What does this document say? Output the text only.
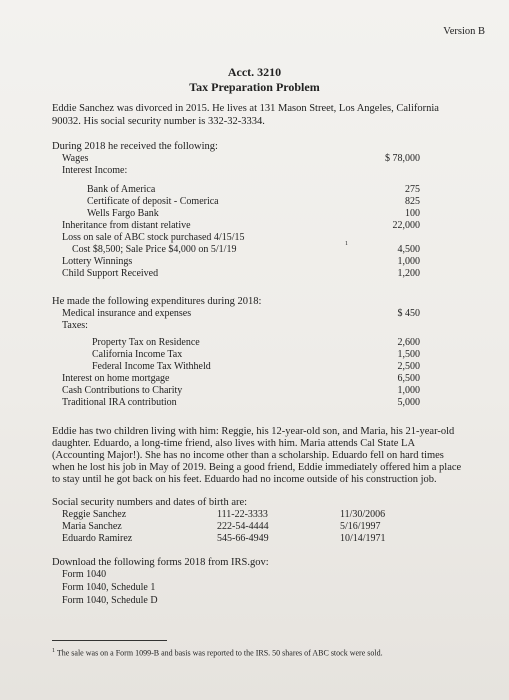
Version B
Acct. 3210
Tax Preparation Problem
Eddie Sanchez was divorced in 2015. He lives at 131 Mason Street, Los Angeles, California
90032. His social security number is 332-32-3334.
During 2018 he received the following:
Wages	$ 78,000
Interest Income:
Bank of America	275
Certificate of deposit - Comerica	825
Wells Fargo Bank	100
Inheritance from distant relative	22,000
Loss on sale of ABC stock purchased 4/15/15
Cost $8,500; Sale Price $4,000 on 5/1/19	1	4,500
Lottery Winnings	1,000
Child Support Received	1,200
He made the following expenditures during 2018:
Medical insurance and expenses	$ 450
Taxes:
Property Tax on Residence	2,600
California Income Tax	1,500
Federal Income Tax Withheld	2,500
Interest on home mortgage	6,500
Cash Contributions to Charity	1,000
Traditional IRA contribution	5,000
Eddie has two children living with him: Reggie, his 12-year-old son, and Maria, his 21-year-old
daughter. Eduardo, a long-time friend, also lives with him. Maria attends Cal State LA
(Accounting Major!). She has no income other than a scholarship. Eduardo fell on hard times
when he lost his job in May of 2019. Being a good friend, Eddie immediately offered him a place
to stay until he got back on his feet. Eduardo had no income outside of his construction job.
Social security numbers and dates of birth are:
Reggie Sanchez	111-22-3333	11/30/2006
Maria Sanchez	222-54-4444	5/16/1997
Eduardo Ramirez	545-66-4949	10/14/1971
Download the following forms 2018 from IRS.gov:
Form 1040
Form 1040, Schedule 1
Form 1040, Schedule D
$^1$ The sale was on a Form 1099-B and basis was reported to the IRS. 50 shares of ABC stock were sold.
